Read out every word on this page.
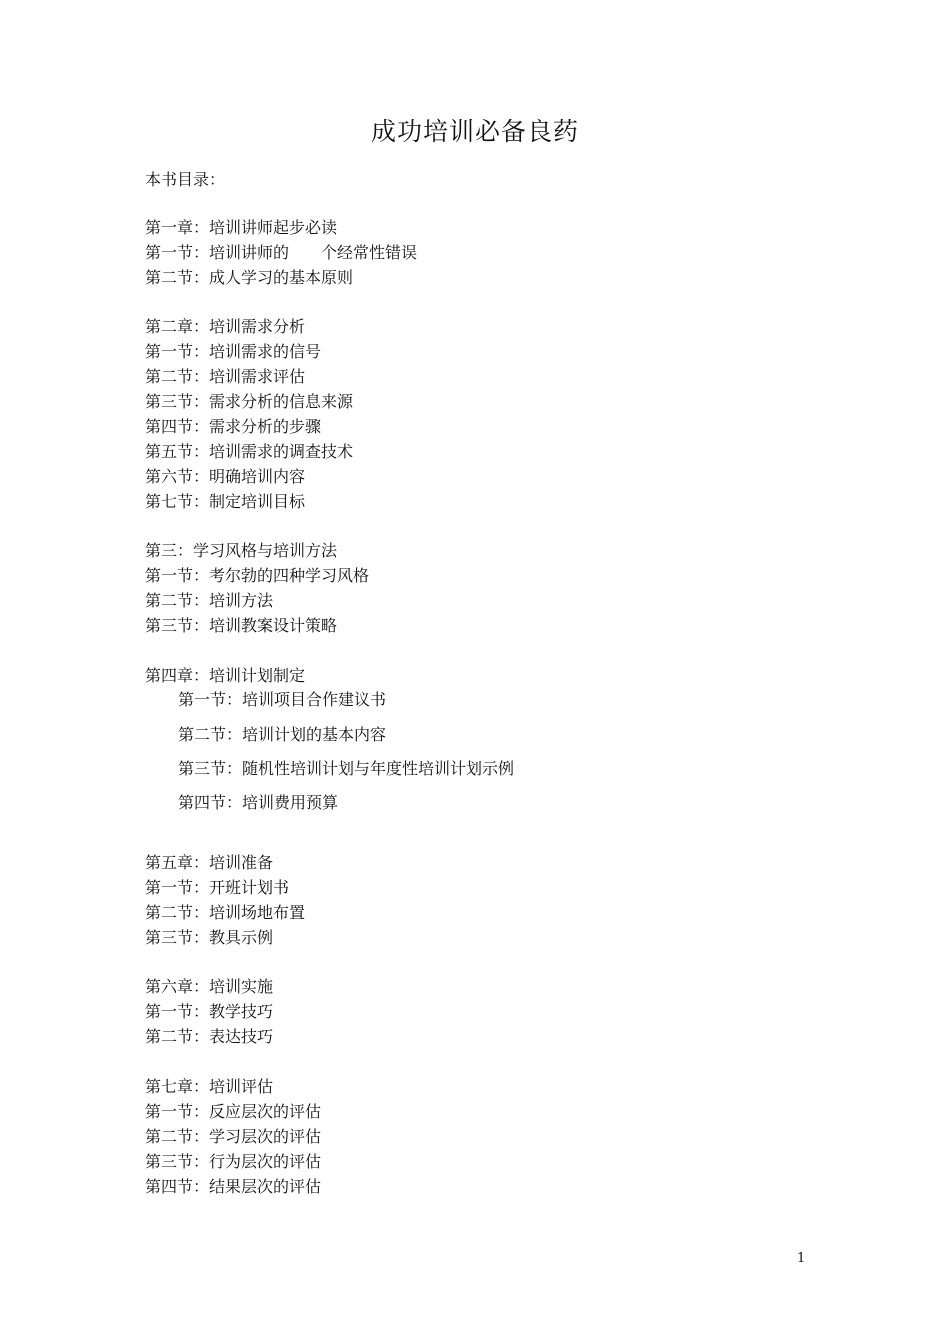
成功培训必备良药
本书目录：
第一章：培训讲师起步必读
第一节：培训讲师的　　个经常性错误
第二节：成人学习的基本原则
第二章：培训需求分析
第一节：培训需求的信号
第二节：培训需求评估
第三节：需求分析的信息来源
第四节：需求分析的步骤
第五节：培训需求的调查技术
第六节：明确培训内容
第七节：制定培训目标
第三：学习风格与培训方法
第一节：考尔勃的四种学习风格
第二节：培训方法
第三节：培训教案设计策略
第四章：培训计划制定
第一节：培训项目合作建议书
第二节：培训计划的基本内容
第三节：随机性培训计划与年度性培训计划示例
第四节：培训费用预算
第五章：培训准备
第一节：开班计划书
第二节：培训场地布置
第三节：教具示例
第六章：培训实施
第一节：教学技巧
第二节：表达技巧
第七章：培训评估
第一节：反应层次的评估
第二节：学习层次的评估
第三节：行为层次的评估
第四节：结果层次的评估
1
